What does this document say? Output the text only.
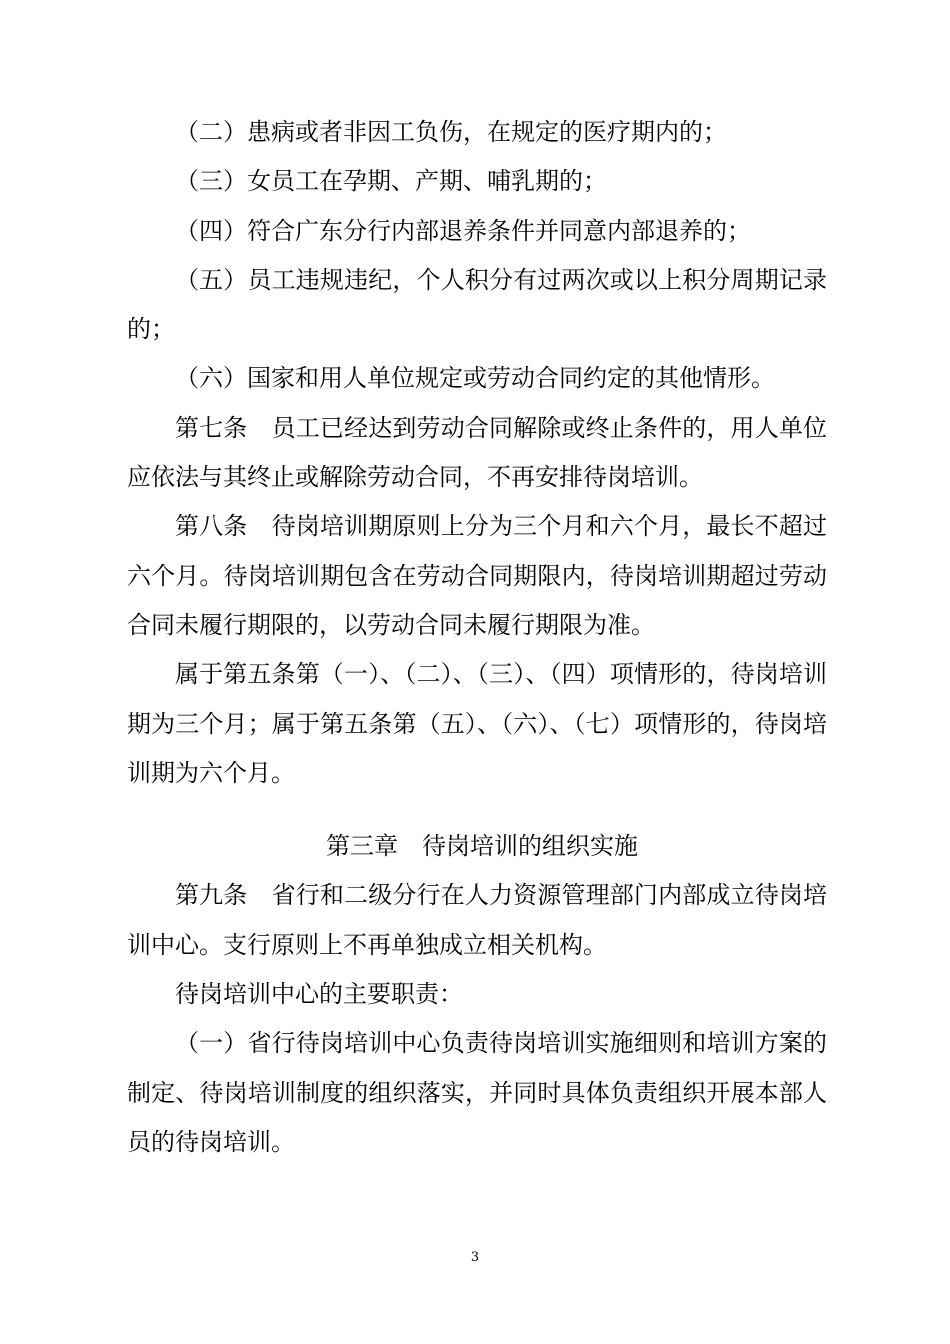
（二）患病或者非因工负伤，在规定的医疗期内的；

（三）女员工在孕期、产期、哺乳期的；

（四）符合广东分行内部退养条件并同意内部退养的；

（五）员工违规违纪，个人积分有过两次或以上积分周期记录的；

（六）国家和用人单位规定或劳动合同约定的其他情形。

第七条　员工已经达到劳动合同解除或终止条件的，用人单位应依法与其终止或解除劳动合同，不再安排待岗培训。

第八条　待岗培训期原则上分为三个月和六个月，最长不超过六个月。待岗培训期包含在劳动合同期限内，待岗培训期超过劳动合同未履行期限的，以劳动合同未履行期限为准。

属于第五条第（一）、（二）、（三）、（四）项情形的，待岗培训期为三个月；属于第五条第（五）、（六）、（七）项情形的，待岗培训期为六个月。

第三章　待岗培训的组织实施

第九条　省行和二级分行在人力资源管理部门内部成立待岗培训中心。支行原则上不再单独成立相关机构。

待岗培训中心的主要职责：

（一）省行待岗培训中心负责待岗培训实施细则和培训方案的制定、待岗培训制度的组织落实，并同时具体负责组织开展本部人员的待岗培训。

3
